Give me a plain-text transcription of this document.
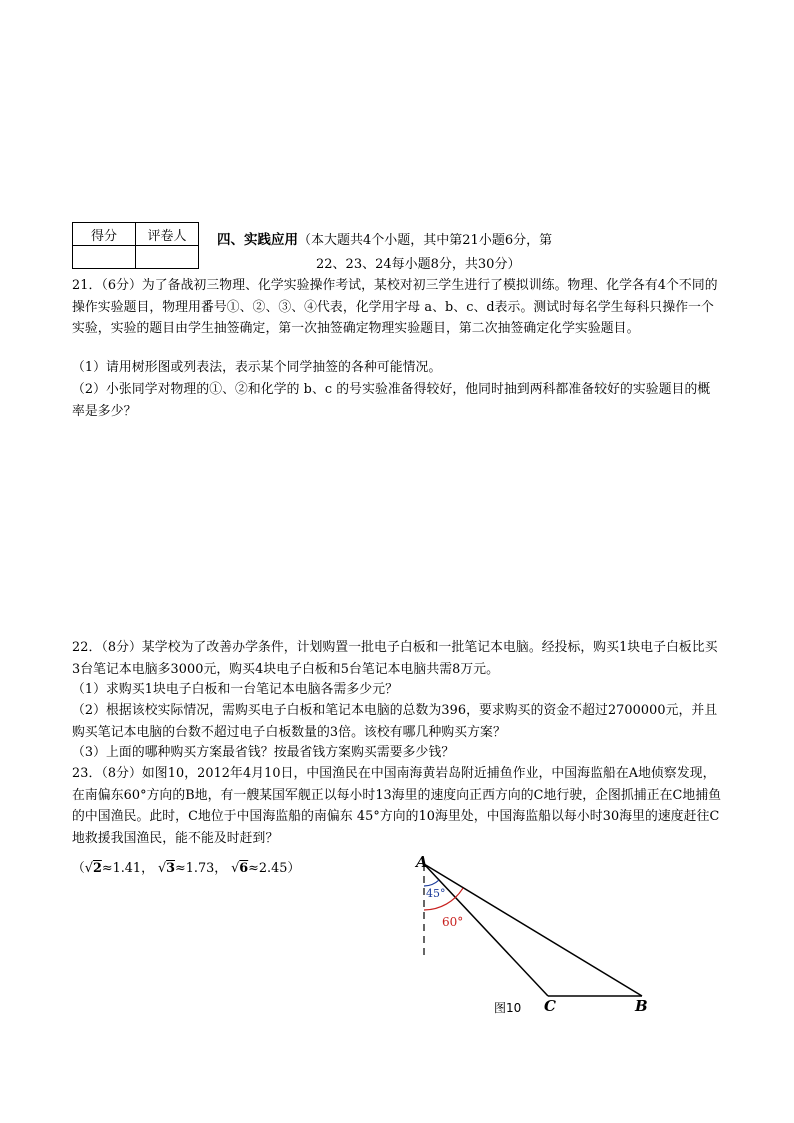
得分	评卷人
	四、实践应用（本大题共4个小题，其中第21小题6分，第
22、23、24每小题8分，共30分）
21．（6分）为了备战初三物理、化学实验操作考试，某校对初三学生进行了模拟训练。物理、化学各有4个不同的操作实验题目，物理用番号①、②、③、④代表，化学用字母 a、b、c、d表示。测试时每名学生每科只操作一个实验，实验的题目由学生抽签确定，第一次抽签确定物理实验题目，第二次抽签确定化学实验题目。
（1）请用树形图或列表法，表示某个同学抽签的各种可能情况。
（2）小张同学对物理的①、②和化学的 b、c 的号实验准备得较好，他同时抽到两科都准备较好的实验题目的概率是多少？
22．（8分）某学校为了改善办学条件，计划购置一批电子白板和一批笔记本电脑。经投标，购买1块电子白板比买3台笔记本电脑多3000元，购买4块电子白板和5台笔记本电脑共需8万元。
（1）求购买1块电子白板和一台笔记本电脑各需多少元？
（2）根据该校实际情况，需购买电子白板和笔记本电脑的总数为396，要求购买的资金不超过2700000元，并且购买笔记本电脑的台数不超过电子白板数量的3倍。该校有哪几种购买方案？
（3）上面的哪种购买方案最省钱？按最省钱方案购买需要多少钱？
23．（8分）如图10，2012年4月10日，中国渔民在中国南海黄岩岛附近捕鱼作业，中国海监船在A地侦察发现，在南偏东60°方向的B地，有一艘某国军舰正以每小时13海里的速度向正西方向的C地行驶，企图抓捕正在C地捕鱼的中国渔民。此时，C地位于中国海监船的南偏东 45°方向的10海里处，中国海监船以每小时30海里的速度赶往C地救援我国渔民，能不能及时赶到？
（√2≈1.41， √3≈1.73， √6≈2.45）
45°
60°
A
C	B
图10
